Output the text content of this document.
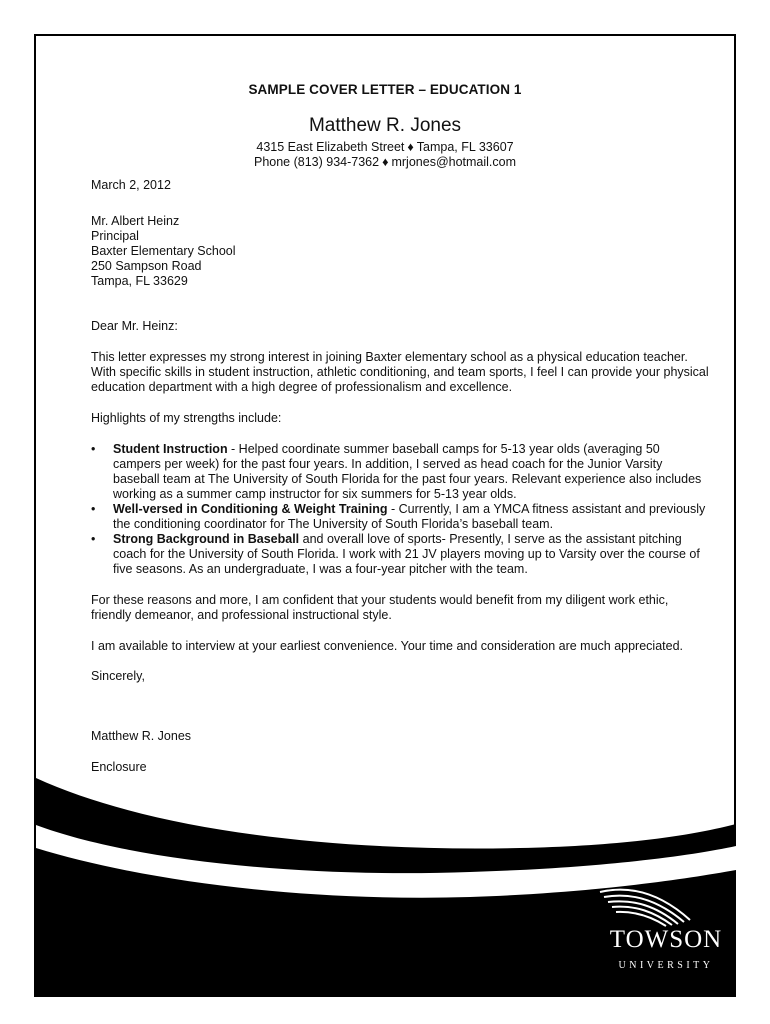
SAMPLE COVER LETTER – EDUCATION 1
Matthew R. Jones
4315 East Elizabeth Street ♦ Tampa, FL 33607
Phone (813) 934-7362 ♦ mrjones@hotmail.com
March 2, 2012
Mr. Albert Heinz
Principal
Baxter Elementary School
250 Sampson Road
Tampa, FL 33629
Dear Mr. Heinz:
This letter expresses my strong interest in joining Baxter elementary school as a physical education teacher. With specific skills in student instruction, athletic conditioning, and team sports, I feel I can provide your physical education department with a high degree of professionalism and excellence.
Highlights of my strengths include:
• Student Instruction - Helped coordinate summer baseball camps for 5-13 year olds (averaging 50 campers per week) for the past four years. In addition, I served as head coach for the Junior Varsity baseball team at The University of South Florida for the past four years. Relevant experience also includes working as a summer camp instructor for six summers for 5-13 year olds.
• Well-versed in Conditioning & Weight Training - Currently, I am a YMCA fitness assistant and previously the conditioning coordinator for The University of South Florida’s baseball team.
• Strong Background in Baseball and overall love of sports- Presently, I serve as the assistant pitching coach for the University of South Florida. I work with 21 JV players moving up to Varsity over the course of five seasons. As an undergraduate, I was a four-year pitcher with the team.
For these reasons and more, I am confident that your students would benefit from my diligent work ethic, friendly demeanor, and professional instructional style.
I am available to interview at your earliest convenience. Your time and consideration are much appreciated.
Sincerely,
Matthew R. Jones
Enclosure
TOWSON
UNIVERSITY
